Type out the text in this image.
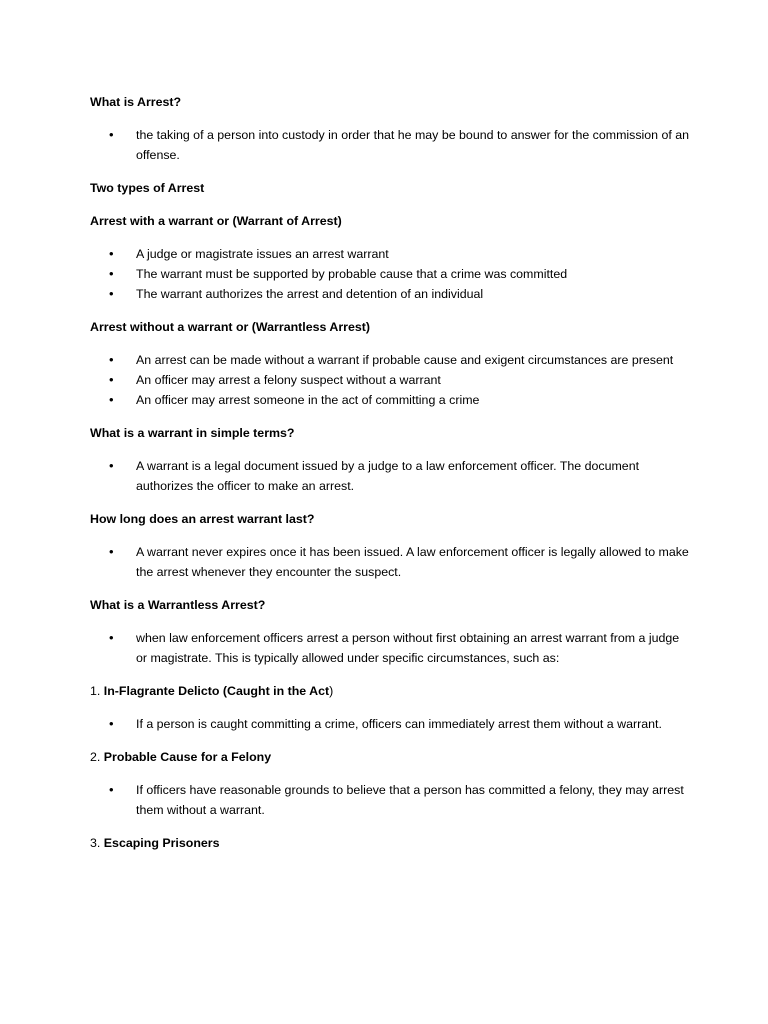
What is Arrest?

• the taking of a person into custody in order that he may be bound to answer for the commission of an offense.

Two types of Arrest

Arrest with a warrant or (Warrant of Arrest)

• A judge or magistrate issues an arrest warrant
• The warrant must be supported by probable cause that a crime was committed
• The warrant authorizes the arrest and detention of an individual

Arrest without a warrant or (Warrantless Arrest)

• An arrest can be made without a warrant if probable cause and exigent circumstances are present
• An officer may arrest a felony suspect without a warrant
• An officer may arrest someone in the act of committing a crime

What is a warrant in simple terms?

• A warrant is a legal document issued by a judge to a law enforcement officer. The document authorizes the officer to make an arrest.

How long does an arrest warrant last?

• A warrant never expires once it has been issued. A law enforcement officer is legally allowed to make the arrest whenever they encounter the suspect.

What is a Warrantless Arrest?

• when law enforcement officers arrest a person without first obtaining an arrest warrant from a judge or magistrate. This is typically allowed under specific circumstances, such as:

1. In-Flagrante Delicto (Caught in the Act)

• If a person is caught committing a crime, officers can immediately arrest them without a warrant.

2. Probable Cause for a Felony

• If officers have reasonable grounds to believe that a person has committed a felony, they may arrest them without a warrant.

3. Escaping Prisoners
